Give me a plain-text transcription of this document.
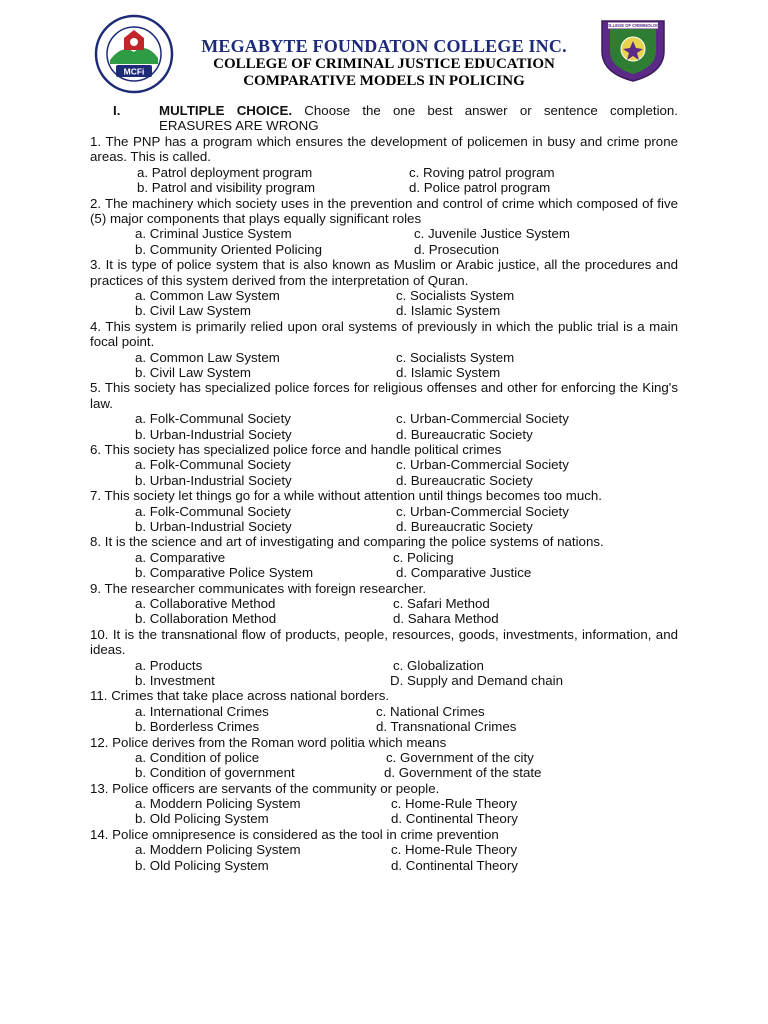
MCFi
COLLEGE OF CRIMINOLOGY
MEGABYTE FOUNDATON COLLEGE INC.
COLLEGE OF CRIMINAL JUSTICE EDUCATION
COMPARATIVE MODELS IN POLICING
I.	MULTIPLE CHOICE. Choose the one best answer or sentence completion. ERASURES ARE WRONG
1. The PNP has a program which ensures the development of policemen in busy and crime prone areas. This is called.
a. Patrol deployment program	c. Roving patrol program
b. Patrol and visibility program	d. Police patrol program
2. The machinery which society uses in the prevention and control of crime which composed of five (5) major components that plays equally significant roles
a. Criminal Justice System	c. Juvenile Justice System
b. Community Oriented Policing	d. Prosecution
3. It is type of police system that is also known as Muslim or Arabic justice, all the procedures and practices of this system derived from the interpretation of Quran.
a. Common Law System	c. Socialists System
b. Civil Law System	d. Islamic System
4. This system is primarily relied upon oral systems of previously in which the public trial is a main focal point.
a. Common Law System	c. Socialists System
b. Civil Law System	d. Islamic System
5. This society has specialized police forces for religious offenses and other for enforcing the King's law.
a. Folk-Communal Society	c. Urban-Commercial Society
b. Urban-Industrial Society	d. Bureaucratic Society
6. This society has specialized police force and handle political crimes
a. Folk-Communal Society	c. Urban-Commercial Society
b. Urban-Industrial Society	d. Bureaucratic Society
7. This society let things go for a while without attention until things becomes too much.
a. Folk-Communal Society	c. Urban-Commercial Society
b. Urban-Industrial Society	d. Bureaucratic Society
8. It is the science and art of investigating and comparing the police systems of nations.
a. Comparative	c. Policing
b. Comparative Police System	d. Comparative Justice
9. The researcher communicates with foreign researcher.
a. Collaborative Method	c. Safari Method
b. Collaboration Method	d. Sahara Method
10. It is the transnational flow of products, people, resources, goods, investments, information, and ideas.
a. Products	c. Globalization
b. Investment	D. Supply and Demand chain
11. Crimes that take place across national borders.
a. International Crimes	c. National Crimes
b. Borderless Crimes	d. Transnational Crimes
12. Police derives from the Roman word politia which means
a. Condition of police	c. Government of the city
b. Condition of government	d. Government of the state
13. Police officers are servants of the community or people.
a. Moddern Policing System	c. Home-Rule Theory
b. Old Policing System	d. Continental Theory
14. Police omnipresence is considered as the tool in crime prevention
a. Moddern Policing System	c. Home-Rule Theory
b. Old Policing System	d. Continental Theory
